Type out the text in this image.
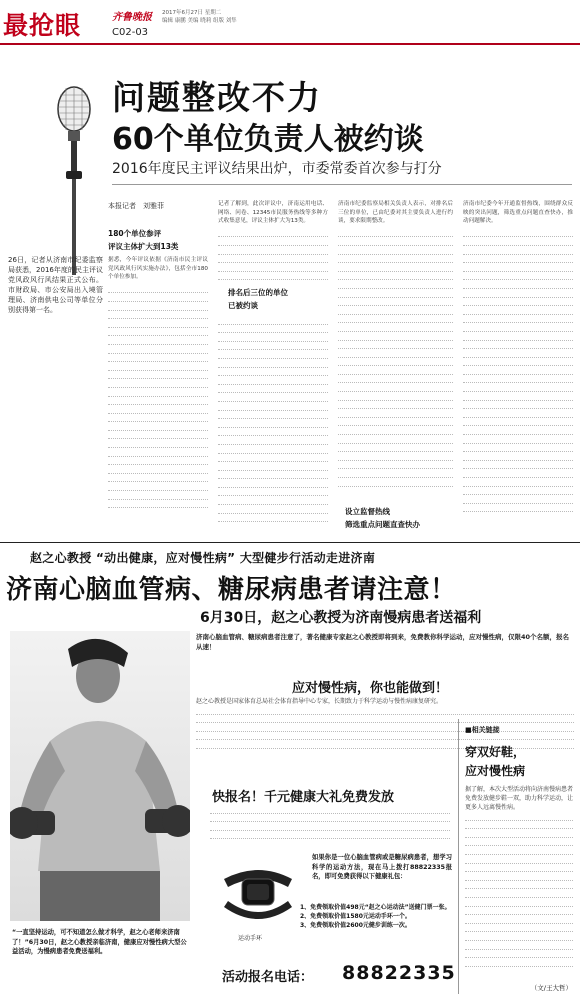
最抢眼	齐鲁晚报 2017年6月27日 星期二
编辑 康鹏 美编 晓莉 组版 刘隼
C02-03
问题整改不力
60个单位负责人被约谈
2016年度民主评议结果出炉，市委常委首次参与打分
本报记者　刘雅菲
26日，记者从济南市纪委监察局获悉，2016年度的民主评议党风政风行风结果正式公布。市财政局、市公安局出入境管理局、济南供电公司等单位分别获得第一名。
180个单位参评
评议主体扩大到13类
据悉，今年评议依据《济南市民主评议党风政风行风实施办法》，包括全市180个单位参加。
记者了解到，此次评议中，济南运用电话、网络、问卷、12345市民服务热线等多种方式收集意见，评议主体扩大为13类。
排名后三位的单位
已被约谈
济南市纪委监察局相关负责人表示，对排名后三位的单位，已由纪委对其主要负责人进行约谈，要求限期整改。
设立监督热线
筛选重点问题直查快办
济南市纪委今年开通监督热线，围绕群众反映的突出问题，筛选重点问题直查快办，推动问题解决。
赵之心教授 “动出健康，应对慢性病” 大型健步行活动走进济南
济南心脑血管病、糖尿病患者请注意！
6月30日，赵之心教授为济南慢病患者送福利
济南心脑血管病、糖尿病患者注意了，著名健康专家赵之心教授即将到来，免费教你科学运动，应对慢性病，仅限40个名额，报名从速！
“一直坚持运动，可不知道怎么做才科学，赵之心老师来济南了！”6月30日，赵之心教授亲临济南，健康应对慢性病大型公益活动，为慢病患者免费送福利。
应对慢性病，你也能做到！
赵之心教授是国家体育总局社会体育指导中心专家，长期致力于科学运动与慢性病康复研究。
■相关链接
穿双好鞋，
应对慢性病
据了解，本次大型活动将向济南慢病患者免费发放健步鞋一双，助力科学运动，让更多人远离慢性病。
（文/王大哲）
快报名！千元健康大礼免费发放
如果你是一位心脑血管病或是糖尿病患者，想学习科学的运动方法，现在马上拨打88822335报名，即可免费获得以下健康礼包：
1、免费领取价值498元“赵之心运动法”送健门票一张。
2、免费领取价值1580元运动手环一个。
3、免费领取价值2600元健步训练一次。
运动手环
活动报名电话： 88822335
